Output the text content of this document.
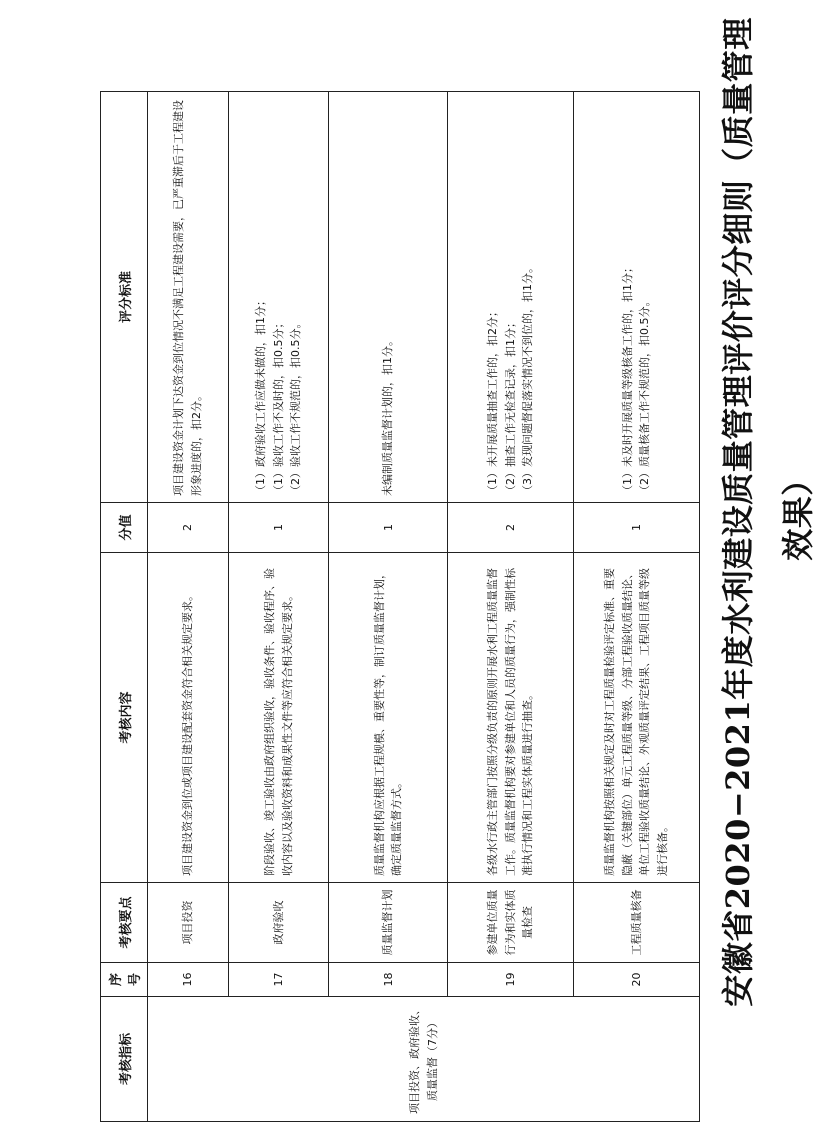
安徽省2020−2021年度水利建设质量管理评价评分细则（质量管理效果）
考核指标	序号	考核要点	考核内容	分值	评分标准
项目投资、政府验收、质量监督（7分）	16	项目投资	项目建设资金到位或项目建设配套资金符合相关规定要求。	2	项目建设资金计划下达资金到位情况不满足工程建设需要，已严重滞后于工程建设形象进度的，扣2分。

	17	政府验收	阶段验收、竣工验收由政府组织验收，验收条件、验收程序、验收内容以及验收资料和成果性文件等应符合相关规定要求。	1	（1）政府验收工作应做未做的，扣1分； （1）验收工作不及时的，扣0.5分； （2）验收工作不规范的，扣0.5分。

	18	质量监督计划	质量监督机构应根据工程规模、重要性等，制订质量监督计划，确定质量监督方式。	1	未编制质量监督计划的，扣1分。

	19	参建单位质量行为和实体质量检查	各级水行政主管部门按照分级负责的原则开展水利工程质量监督工作。质量监督机构要对参建单位和人员的质量行为，强制性标准执行情况和工程实体质量进行抽查。	2	（1）未开展质量抽查工作的，扣2分； （2）抽查工作无检查记录，扣1分； （3）发现问题督促落实情况不到位的，扣1分。

	20	工程质量核备	质量监督机构按照相关规定及时对工程质量检验评定标准、重要隐蔽（关键部位）单元工程质量等级、分部工程验收质量结论、单位工程验收质量结论、外观质量评定结果、工程项目质量等级进行核备。	1	（1）未及时开展质量等级核备工作的，扣1分； （2）质量核备工作不规范的，扣0.5分。
